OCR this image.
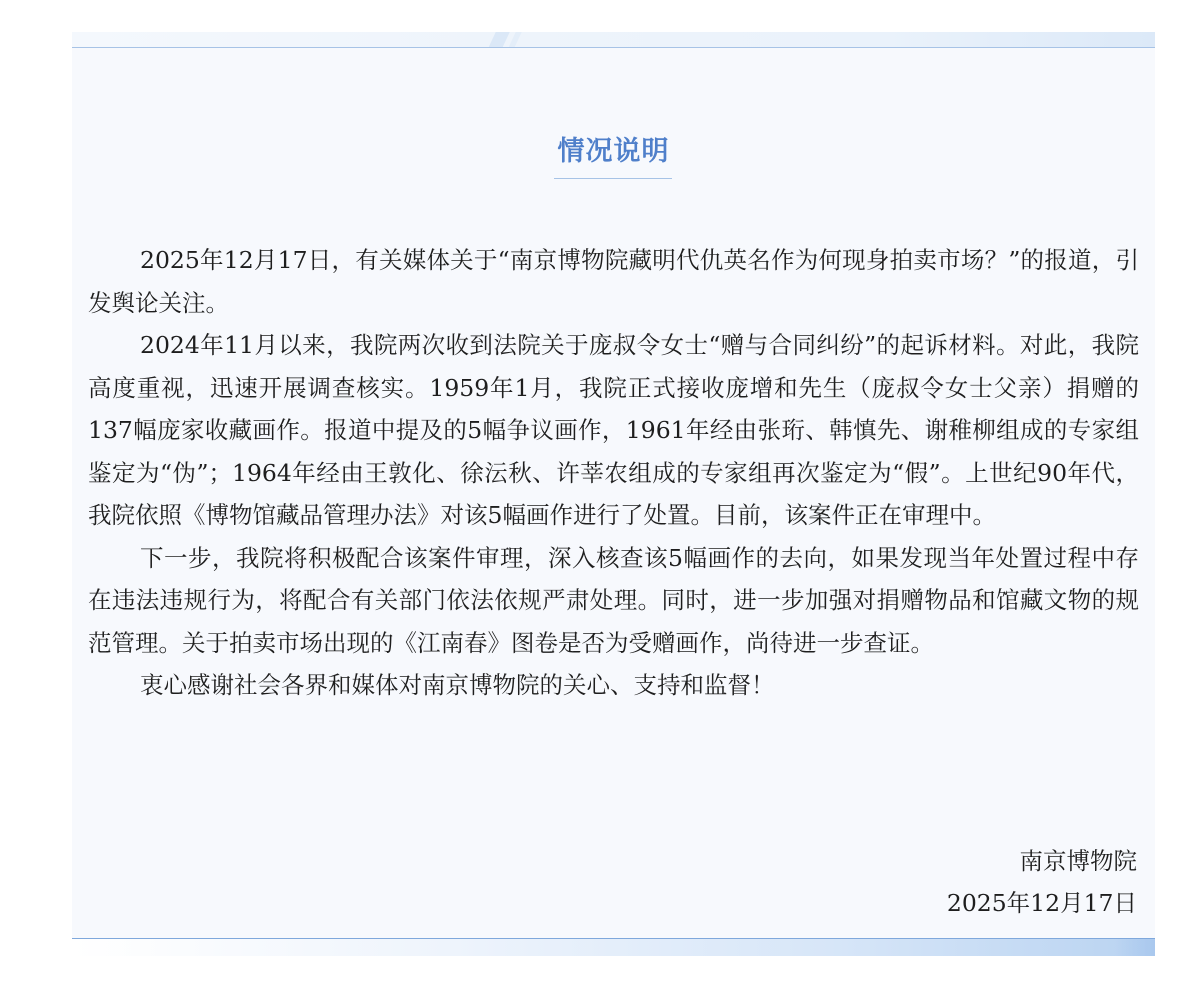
情况说明

2025年12月17日，有关媒体关于“南京博物院藏明代仇英名作为何现身拍卖市场？”的报道，引发舆论关注。

2024年11月以来，我院两次收到法院关于庞叔令女士“赠与合同纠纷”的起诉材料。对此，我院高度重视，迅速开展调查核实。1959年1月，我院正式接收庞增和先生（庞叔令女士父亲）捐赠的137幅庞家收藏画作。报道中提及的5幅争议画作，1961年经由张珩、韩慎先、谢稚柳组成的专家组鉴定为“伪”；1964年经由王敦化、徐沄秋、许莘农组成的专家组再次鉴定为“假”。上世纪90年代，我院依照《博物馆藏品管理办法》对该5幅画作进行了处置。目前，该案件正在审理中。

下一步，我院将积极配合该案件审理，深入核查该5幅画作的去向，如果发现当年处置过程中存在违法违规行为，将配合有关部门依法依规严肃处理。同时，进一步加强对捐赠物品和馆藏文物的规范管理。关于拍卖市场出现的《江南春》图卷是否为受赠画作，尚待进一步查证。

衷心感谢社会各界和媒体对南京博物院的关心、支持和监督！

南京博物院
2025年12月17日
